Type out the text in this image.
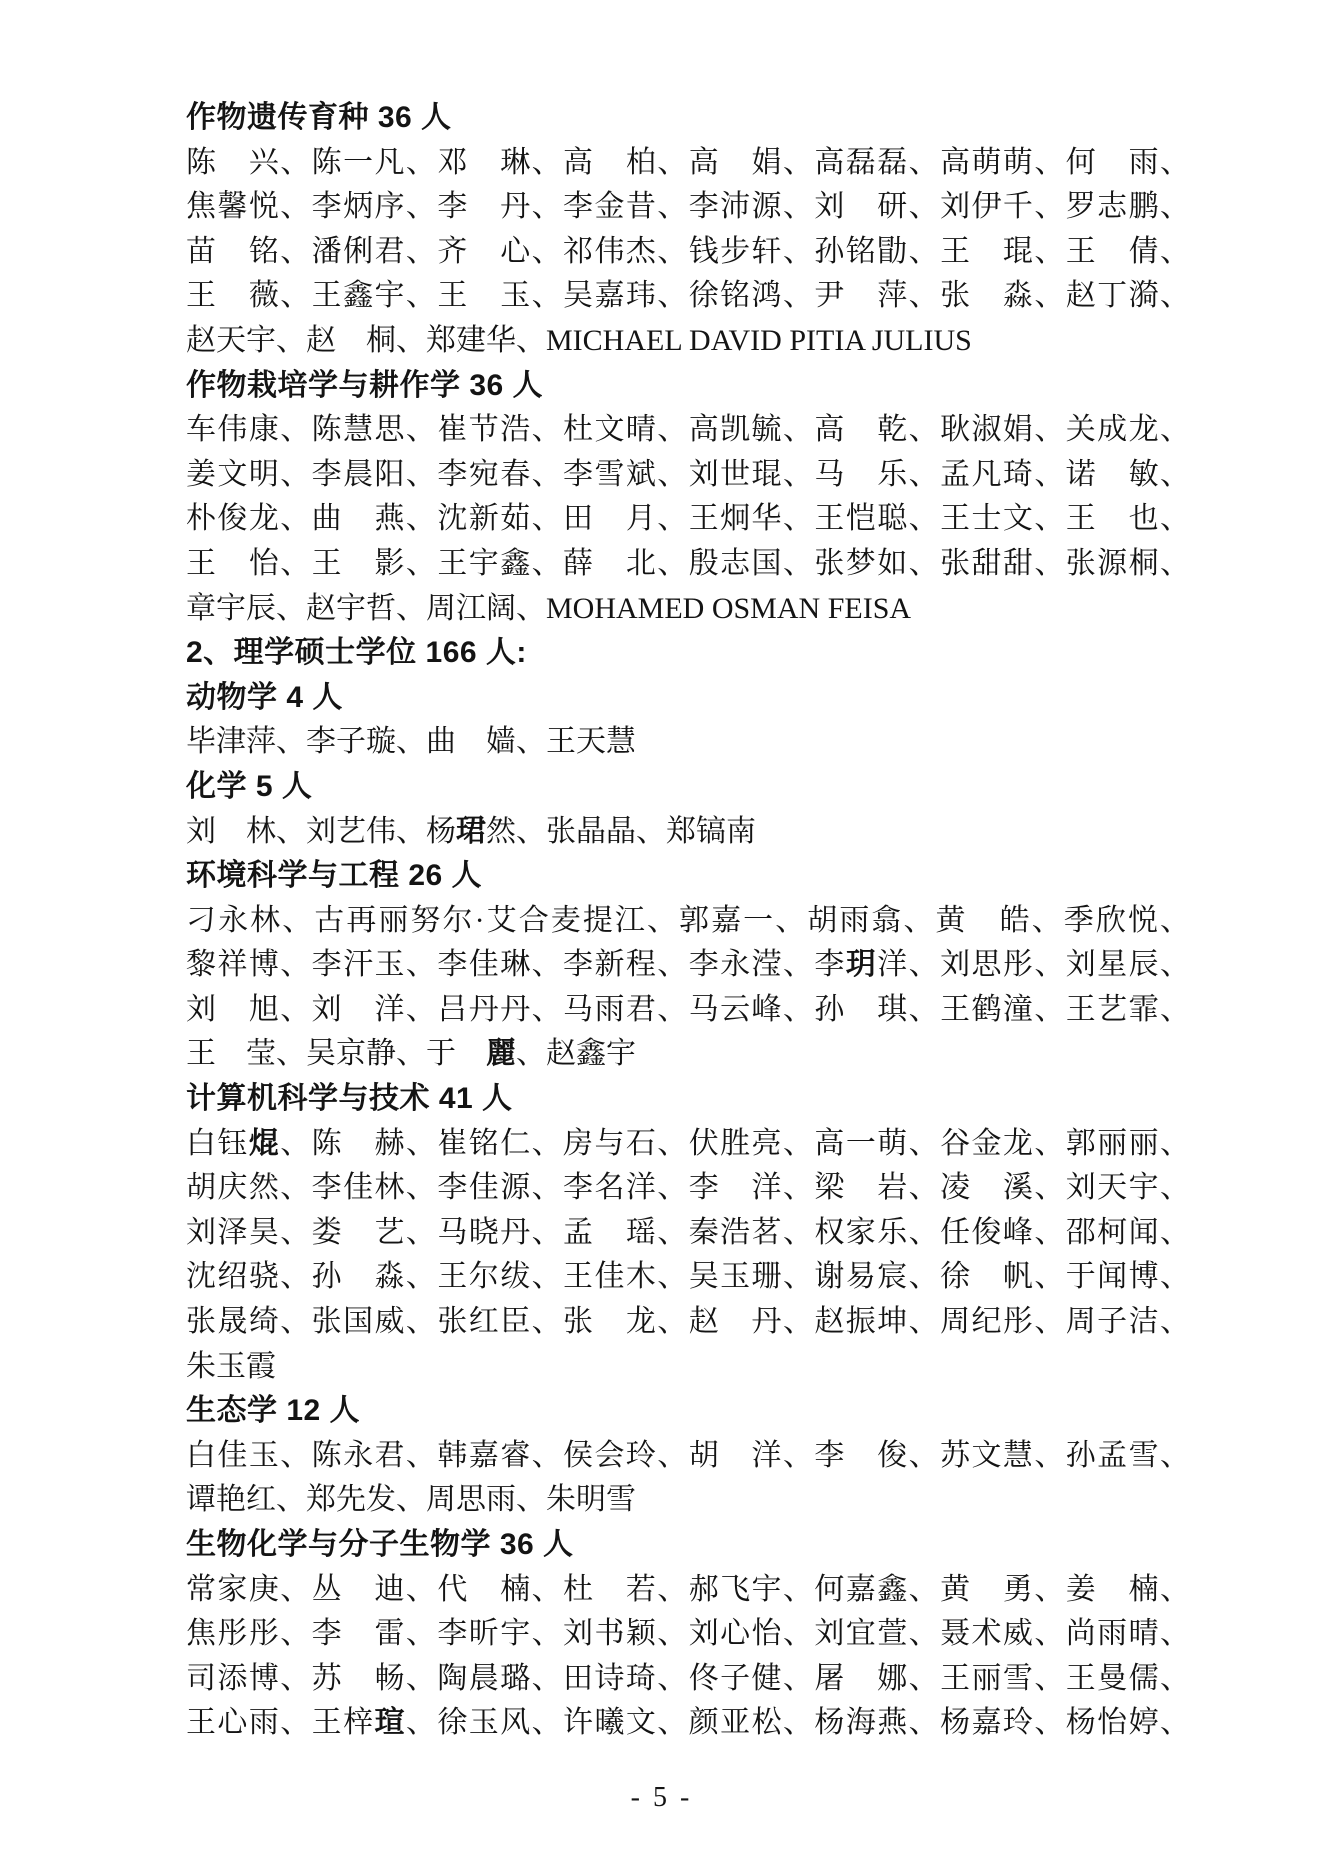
作物遗传育种 36 人
陈　兴、陈一凡、邓　琳、高　柏、高　娟、高磊磊、高萌萌、何　雨、
焦馨悦、李炳序、李　丹、李金昔、李沛源、刘　研、刘伊千、罗志鹏、
苗　铭、潘俐君、齐　心、祁伟杰、钱步轩、孙铭勖、王　琨、王　倩、
王　薇、王鑫宇、王　玉、吴嘉玮、徐铭鸿、尹　萍、张　淼、赵丁漪、
赵天宇、赵　桐、郑建华、MICHAEL DAVID PITIA JULIUS
作物栽培学与耕作学 36 人
车伟康、陈慧思、崔节浩、杜文晴、高凯毓、高　乾、耿淑娟、关成龙、
姜文明、李晨阳、李宛春、李雪斌、刘世琨、马　乐、孟凡琦、诺　敏、
朴俊龙、曲　燕、沈新茹、田　月、王炯华、王恺聪、王士文、王　也、
王　怡、王　影、王宇鑫、薛　北、殷志国、张梦如、张甜甜、张源桐、
章宇辰、赵宇哲、周江阔、MOHAMED OSMAN FEISA
2、理学硕士学位 166 人:
动物学 4 人
毕津萍、李子璇、曲　嫱、王天慧
化学 5 人
刘　林、刘艺伟、杨珺然、张晶晶、郑镐南
环境科学与工程 26 人
刁永林、古再丽努尔·艾合麦提江、郭嘉一、胡雨翕、黄　皓、季欣悦、
黎祥博、李汗玉、李佳琳、李新程、李永滢、李玥洋、刘思彤、刘星辰、
刘　旭、刘　洋、吕丹丹、马雨君、马云峰、孙　琪、王鹤潼、王艺霏、
王　莹、吴京静、于　麗、赵鑫宇
计算机科学与技术 41 人
白钰焜、陈　赫、崔铭仁、房与石、伏胜亮、高一萌、谷金龙、郭丽丽、
胡庆然、李佳林、李佳源、李名洋、李　洋、梁　岩、凌　溪、刘天宇、
刘泽昊、娄　艺、马晓丹、孟　瑶、秦浩茗、权家乐、任俊峰、邵柯闻、
沈绍骁、孙　淼、王尔绂、王佳木、吴玉珊、谢易宸、徐　帆、于闻博、
张晟绮、张国威、张红臣、张　龙、赵　丹、赵振坤、周纪彤、周子洁、
朱玉霞
生态学 12 人
白佳玉、陈永君、韩嘉睿、侯会玲、胡　洋、李　俊、苏文慧、孙孟雪、
谭艳红、郑先发、周思雨、朱明雪
生物化学与分子生物学 36 人
常家庚、丛　迪、代　楠、杜　若、郝飞宇、何嘉鑫、黄　勇、姜　楠、
焦彤彤、李　雷、李昕宇、刘书颖、刘心怡、刘宜萱、聂术威、尚雨晴、
司添博、苏　畅、陶晨璐、田诗琦、佟子健、屠　娜、王丽雪、王曼儒、
王心雨、王梓瑄、徐玉风、许曦文、颜亚松、杨海燕、杨嘉玲、杨怡婷、
- 5 -
